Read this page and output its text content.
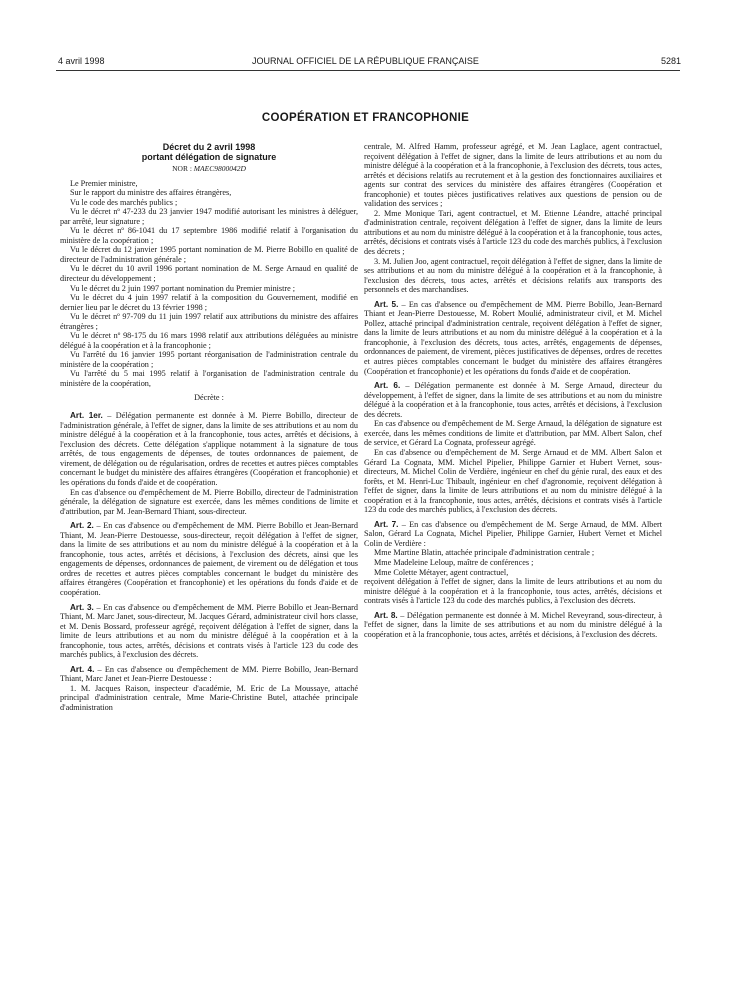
4 avril 1998	JOURNAL OFFICIEL DE LA RÉPUBLIQUE FRANÇAISE	5281
COOPÉRATION ET FRANCOPHONIE

Décret du 2 avril 1998

portant délégation de signature

NOR : MAEC9800042D

Le Premier ministre,

Sur le rapport du ministre des affaires étrangères,

Vu le code des marchés publics ;

Vu le décret nº 47-233 du 23 janvier 1947 modifié autorisant les ministres à déléguer, par arrêté, leur signature ;

Vu le décret nº 86-1041 du 17 septembre 1986 modifié relatif à l'organisation du ministère de la coopération ;

Vu le décret du 12 janvier 1995 portant nomination de M. Pierre Bobillo en qualité de directeur de l'administration générale ;

Vu le décret du 10 avril 1996 portant nomination de M. Serge Arnaud en qualité de directeur du développement ;

Vu le décret du 2 juin 1997 portant nomination du Premier ministre ;

Vu le décret du 4 juin 1997 relatif à la composition du Gouvernement, modifié en dernier lieu par le décret du 13 février 1998 ;

Vu le décret nº 97-709 du 11 juin 1997 relatif aux attributions du ministre des affaires étrangères ;

Vu le décret nº 98-175 du 16 mars 1998 relatif aux attributions déléguées au ministre délégué à la coopération et à la francophonie ;

Vu l'arrêté du 16 janvier 1995 portant réorganisation de l'administration centrale du ministère de la coopération ;

Vu l'arrêté du 5 mai 1995 relatif à l'organisation de l'administration centrale du ministère de la coopération,

Décrète :

Art. 1er. – Délégation permanente est donnée à M. Pierre Bobillo, directeur de l'administration générale, à l'effet de signer, dans la limite de ses attributions et au nom du ministre délégué à la coopération et à la francophonie, tous actes, arrêtés et décisions, à l'exclusion des décrets. Cette délégation s'applique notamment à la signature de tous arrêtés, de tous engagements de dépenses, de toutes ordonnances de paiement, de virement, de délégation ou de régularisation, ordres de recettes et autres pièces comptables concernant le budget du ministère des affaires étrangères (Coopération et francophonie) et les opérations du fonds d'aide et de coopération.

En cas d'absence ou d'empêchement de M. Pierre Bobillo, directeur de l'administration générale, la délégation de signature est exercée, dans les mêmes conditions de limite et d'attribution, par M. Jean-Bernard Thiant, sous-directeur.

Art. 2. – En cas d'absence ou d'empêchement de MM. Pierre Bobillo et Jean-Bernard Thiant, M. Jean-Pierre Destouesse, sous-directeur, reçoit délégation à l'effet de signer, dans la limite de ses attributions et au nom du ministre délégué à la coopération et à la francophonie, tous actes, arrêtés et décisions, à l'exclusion des décrets, ainsi que les engagements de dépenses, ordonnances de paiement, de virement ou de délégation et tous ordres de recettes et autres pièces comptables concernant le budget du ministère des affaires étrangères (Coopération et francophonie) et les opérations du fonds d'aide et de coopération.

Art. 3. – En cas d'absence ou d'empêchement de MM. Pierre Bobillo et Jean-Bernard Thiant, M. Marc Janet, sous-directeur, M. Jacques Gérard, administrateur civil hors classe, et M. Denis Bossard, professeur agrégé, reçoivent délégation à l'effet de signer, dans la limite de leurs attributions et au nom du ministre délégué à la coopération et à la francophonie, tous actes, arrêtés, décisions et contrats visés à l'article 123 du code des marchés publics, à l'exclusion des décrets.

Art. 4. – En cas d'absence ou d'empêchement de MM. Pierre Bobillo, Jean-Bernard Thiant, Marc Janet et Jean-Pierre Destouesse :

1. M. Jacques Raison, inspecteur d'académie, M. Eric de La Moussaye, attaché principal d'administration centrale, Mme Marie-Christine Butel, attachée principale d'administration

centrale, M. Alfred Hamm, professeur agrégé, et M. Jean Laglace, agent contractuel, reçoivent délégation à l'effet de signer, dans la limite de leurs attributions et au nom du ministre délégué à la coopération et à la francophonie, à l'exclusion des décrets, tous actes, arrêtés et décisions relatifs au recrutement et à la gestion des fonctionnaires auxiliaires et agents sur contrat des services du ministère des affaires étrangères (Coopération et francophonie) et toutes pièces justificatives relatives aux questions de pension ou de validation des services ;

2. Mme Monique Tari, agent contractuel, et M. Etienne Léandre, attaché principal d'administration centrale, reçoivent délégation à l'effet de signer, dans la limite de leurs attributions et au nom du ministre délégué à la coopération et à la francophonie, tous actes, arrêtés, décisions et contrats visés à l'article 123 du code des marchés publics, à l'exclusion des décrets ;

3. M. Julien Joo, agent contractuel, reçoit délégation à l'effet de signer, dans la limite de ses attributions et au nom du ministre délégué à la coopération et à la francophonie, à l'exclusion des décrets, tous actes, arrêtés et décisions relatifs aux transports des personnels et des marchandises.

Art. 5. – En cas d'absence ou d'empêchement de MM. Pierre Bobillo, Jean-Bernard Thiant et Jean-Pierre Destouesse, M. Robert Moulié, administrateur civil, et M. Michel Pollez, attaché principal d'administration centrale, reçoivent délégation à l'effet de signer, dans la limite de leurs attributions et au nom du ministre délégué à la coopération et à la francophonie, à l'exclusion des décrets, tous actes, arrêtés, engagements de dépenses, ordonnances de paiement, de virement, pièces justificatives de dépenses, ordres de recettes et autres pièces comptables concernant le budget du ministère des affaires étrangères (Coopération et francophonie) et les opérations du fonds d'aide et de coopération.

Art. 6. – Délégation permanente est donnée à M. Serge Arnaud, directeur du développement, à l'effet de signer, dans la limite de ses attributions et au nom du ministre délégué à la coopération et à la francophonie, tous actes, arrêtés et décisions, à l'exclusion des décrets.

En cas d'absence ou d'empêchement de M. Serge Arnaud, la délégation de signature est exercée, dans les mêmes conditions de limite et d'attribution, par MM. Albert Salon, chef de service, et Gérard La Cognata, professeur agrégé.

En cas d'absence ou d'empêchement de M. Serge Arnaud et de MM. Albert Salon et Gérard La Cognata, MM. Michel Pipelier, Philippe Garnier et Hubert Vernet, sous-directeurs, M. Michel Colin de Verdière, ingénieur en chef du génie rural, des eaux et des forêts, et M. Henri-Luc Thibault, ingénieur en chef d'agronomie, reçoivent délégation à l'effet de signer, dans la limite de leurs attributions et au nom du ministre délégué à la coopération et à la francophonie, tous actes, arrêtés, décisions et contrats visés à l'article 123 du code des marchés publics, à l'exclusion des décrets.

Art. 7. – En cas d'absence ou d'empêchement de M. Serge Arnaud, de MM. Albert Salon, Gérard La Cognata, Michel Pipelier, Philippe Garnier, Hubert Vernet et Michel Colin de Verdière :

Mme Martine Blatin, attachée principale d'administration centrale ;

Mme Madeleine Leloup, maître de conférences ;

Mme Colette Métayer, agent contractuel,

reçoivent délégation à l'effet de signer, dans la limite de leurs attributions et au nom du ministre délégué à la coopération et à la francophonie, tous actes, arrêtés, décisions et contrats visés à l'article 123 du code des marchés publics, à l'exclusion des décrets.

Art. 8. – Délégation permanente est donnée à M. Michel Reveyrand, sous-directeur, à l'effet de signer, dans la limite de ses attributions et au nom du ministre délégué à la coopération et à la francophonie, tous actes, arrêtés et décisions, à l'exclusion des décrets.
